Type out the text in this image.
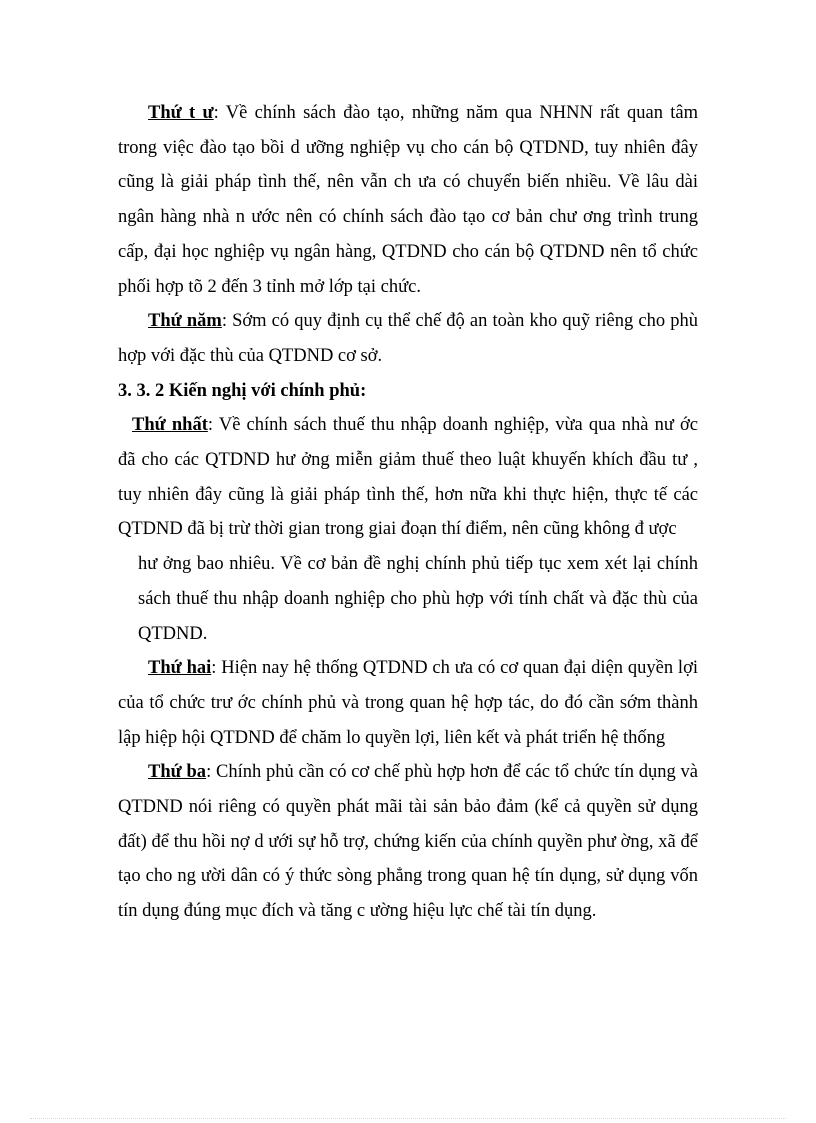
Thứ t ư: Về chính sách đào tạo, những năm qua NHNN rất quan tâm trong việc đào tạo bồi d ưỡng nghiệp vụ cho cán bộ QTDND, tuy nhiên đây cũng là giải pháp tình thế, nên vẫn ch ưa có chuyển biến nhiều. Về lâu dài ngân hàng nhà n ước nên có chính sách đào tạo cơ bản chư ơng trình trung cấp, đại học nghiệp vụ ngân hàng, QTDND cho cán bộ QTDND nên tổ chức phối hợp tõ 2 đến 3 tỉnh mở lớp tại chức.

Thứ năm: Sớm có quy định cụ thể chế độ an toàn kho quỹ riêng cho phù hợp với đặc thù của QTDND cơ sở.

3. 3. 2 Kiến nghị với chính phủ:

Thứ nhất: Về chính sách thuế thu nhập doanh nghiệp, vừa qua nhà nư ớc đã cho các QTDND hư ởng miễn giảm thuế theo luật khuyến khích đầu tư , tuy nhiên đây cũng là giải pháp tình thế, hơn nữa khi thực hiện, thực tế các QTDND đã bị trừ thời gian trong giai đoạn thí điểm, nên cũng không đ ược

hư ởng bao nhiêu. Về cơ bản đề nghị chính phủ tiếp tục xem xét lại chính sách thuế thu nhập doanh nghiệp cho phù hợp với tính chất và đặc thù của QTDND.

Thứ hai: Hiện nay hệ thống QTDND ch ưa có cơ quan đại diện quyền lợi của tổ chức trư ớc chính phủ và trong quan hệ hợp tác, do đó cần sớm thành lập hiệp hội QTDND để chăm lo quyền lợi, liên kết và phát triển hệ thống

Thứ ba: Chính phủ cần có cơ chế phù hợp hơn để các tổ chức tín dụng và QTDND nói riêng có quyền phát mãi tài sản bảo đảm (kể cả quyền sử dụng đất) để thu hồi nợ d ưới sự hỗ trợ, chứng kiến của chính quyền phư ờng, xã để tạo cho ng ười dân có ý thức sòng phẳng trong quan hệ tín dụng, sử dụng vốn tín dụng đúng mục đích và tăng c ường hiệu lực chế tài tín dụng.
